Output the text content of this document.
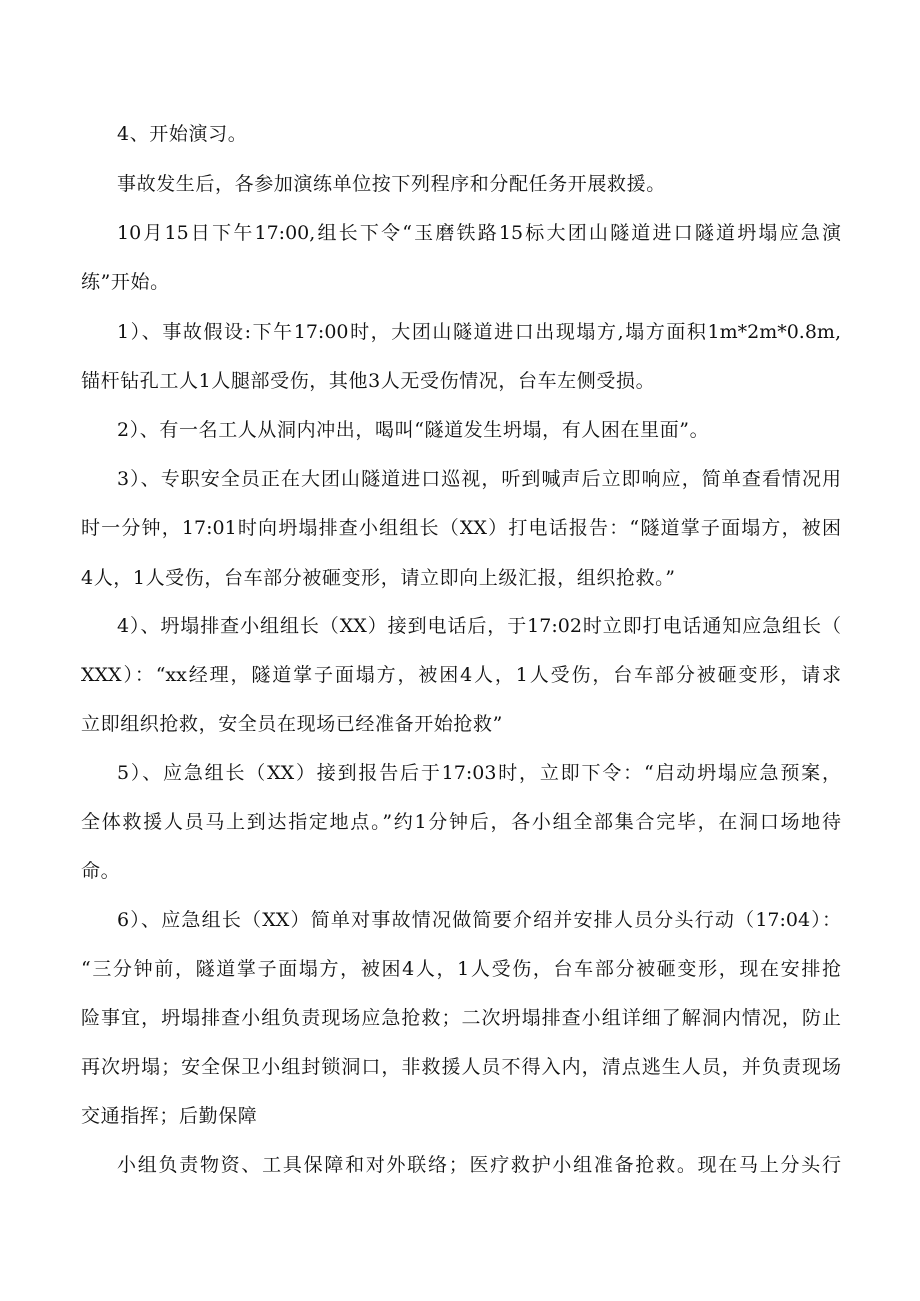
4、开始演习。
事故发生后，各参加演练单位按下列程序和分配任务开展救援。
10月15日下午17:00,组长下令“玉磨铁路15标大团山隧道进口隧道坍塌应急演
练”开始。
1）、事故假设:下午17:00时，大团山隧道进口出现塌方,塌方面积1m*2m*0.8m,
锚杆钻孔工人1人腿部受伤，其他3人无受伤情况，台车左侧受损。
2）、有一名工人从洞内冲出，喝叫“隧道发生坍塌，有人困在里面”。
3）、专职安全员正在大团山隧道进口巡视，听到喊声后立即响应，简单查看情况用
时一分钟，17:01时向坍塌排查小组组长（XX）打电话报告：“隧道掌子面塌方，被困
4人，1人受伤，台车部分被砸变形，请立即向上级汇报，组织抢救。”
4）、坍塌排查小组组长（XX）接到电话后，于17:02时立即打电话通知应急组长（
XXX）：“xx经理，隧道掌子面塌方，被困4人，1人受伤，台车部分被砸变形，请求
立即组织抢救，安全员在现场已经准备开始抢救”
5）、应急组长（XX）接到报告后于17:03时，立即下令：“启动坍塌应急预案，
全体救援人员马上到达指定地点。”约1分钟后，各小组全部集合完毕，在洞口场地待
命。
6）、应急组长（XX）简单对事故情况做简要介绍并安排人员分头行动（17:04）：
“三分钟前，隧道掌子面塌方，被困4人，1人受伤，台车部分被砸变形，现在安排抢
险事宜，坍塌排查小组负责现场应急抢救；二次坍塌排查小组详细了解洞内情况，防止
再次坍塌；安全保卫小组封锁洞口，非救援人员不得入内，清点逃生人员，并负责现场
交通指挥；后勤保障
小组负责物资、工具保障和对外联络；医疗救护小组准备抢救。现在马上分头行
